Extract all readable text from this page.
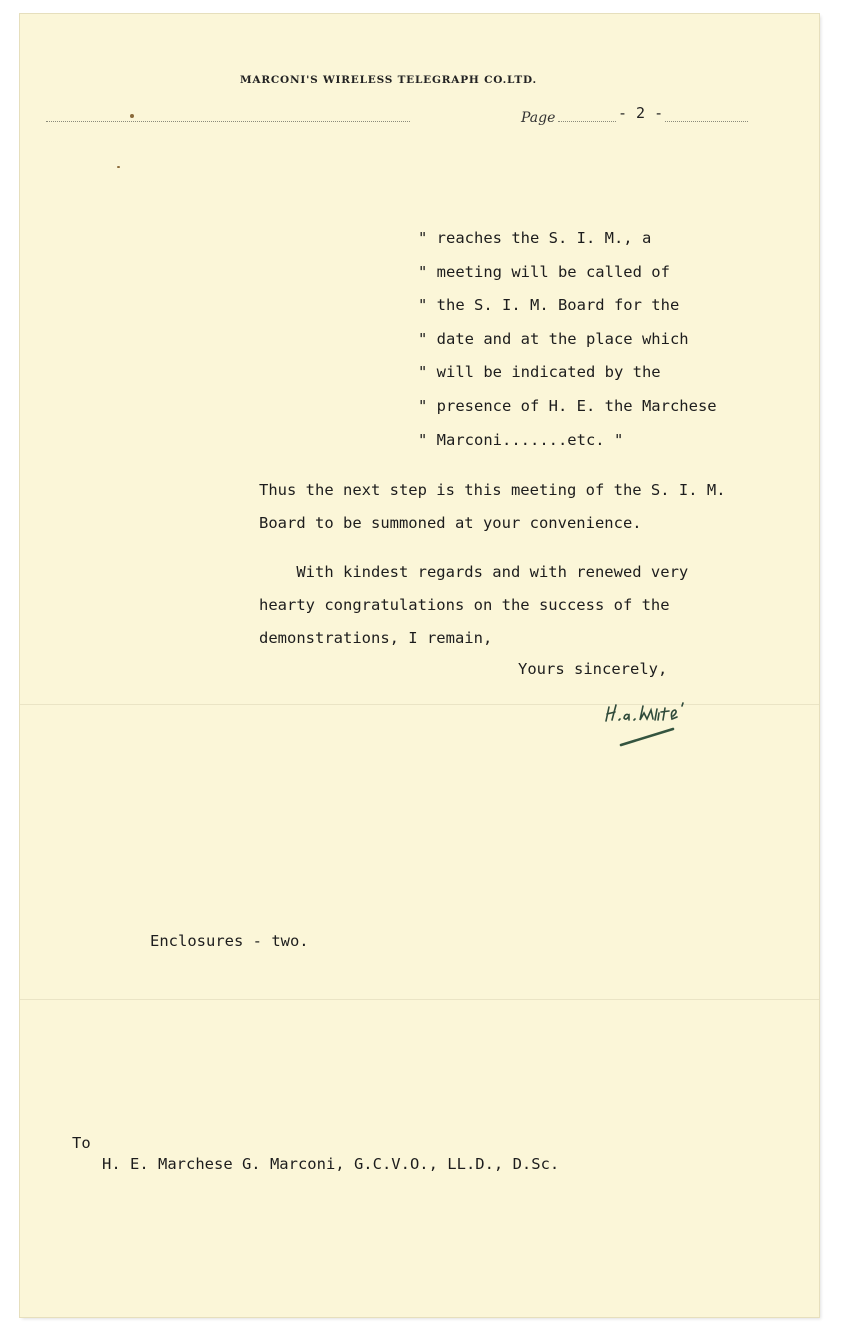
MARCONI'S WIRELESS TELEGRAPH CO.LTD.
Page	- 2 -
" reaches the S. I. M., a
" meeting will be called of
" the S. I. M. Board for the
" date and at the place which
" will be indicated by the
" presence of H. E. the Marchese
" Marconi.......etc. "
Thus the next step is this meeting of the S. I. M.
Board to be summoned at your convenience.
With kindest regards and with renewed very
hearty congratulations on the success of the
demonstrations, I remain,
Yours sincerely,
Enclosures - two.
To
H. E. Marchese G. Marconi, G.C.V.O., LL.D., D.Sc.
